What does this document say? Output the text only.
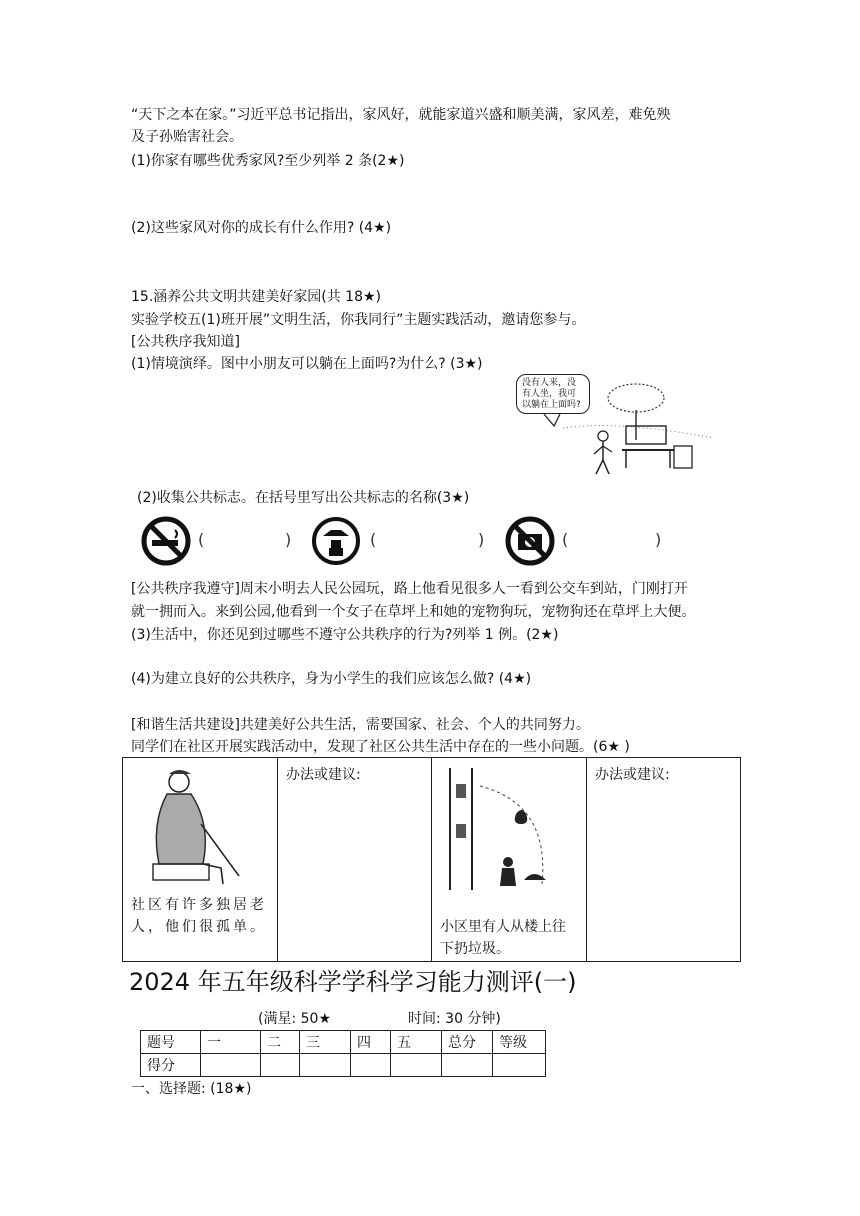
“天下之本在家。”习近平总书记指出，家风好，就能家道兴盛和顺美满，家风差，难免殃
及子孙贻害社会。
(1)你家有哪些优秀家风?至少列举 2 条(2★)
(2)这些家风对你的成长有什么作用? (4★)
15.涵养公共文明共建美好家园(共 18★)
实验学校五(1)班开展”文明生活，你我同行”主题实践活动，邀请您参与。
[公共秩序我知道]
(1)情境演绎。图中小朋友可以躺在上面吗?为什么? (3★)
没有人来，没有人坐，我可以躺在上面吗?
(2)收集公共标志。在括号里写出公共标志的名称(3★)
(	)	(	)	(	)
[公共秩序我遵守]周末小明去人民公园玩，路上他看见很多人一看到公交车到站，门刚打开
就一拥而入。来到公园,他看到一个女子在草坪上和她的宠物狗玩，宠物狗还在草坪上大便。
(3)生活中，你还见到过哪些不遵守公共秩序的行为?列举 1 例。(2★)
(4)为建立良好的公共秩序，身为小学生的我们应该怎么做? (4★)
[和谐生活共建设]共建美好公共生活，需要国家、社会、个人的共同努力。
同学们在社区开展实践活动中，发现了社区公共生活中存在的一些小问题。(6★ )
社区有许多独居老人，他们很孤单。
	办法或建议:	
小区里有人从楼上往下扔垃圾。
	办法或建议:
2024 年五年级科学学科学习能力测评(一)
(满星: 50★	时间: 30 分钟)
题号	一	二	三	四	五	总分	等级
得分							
一、选择题: (18★)
